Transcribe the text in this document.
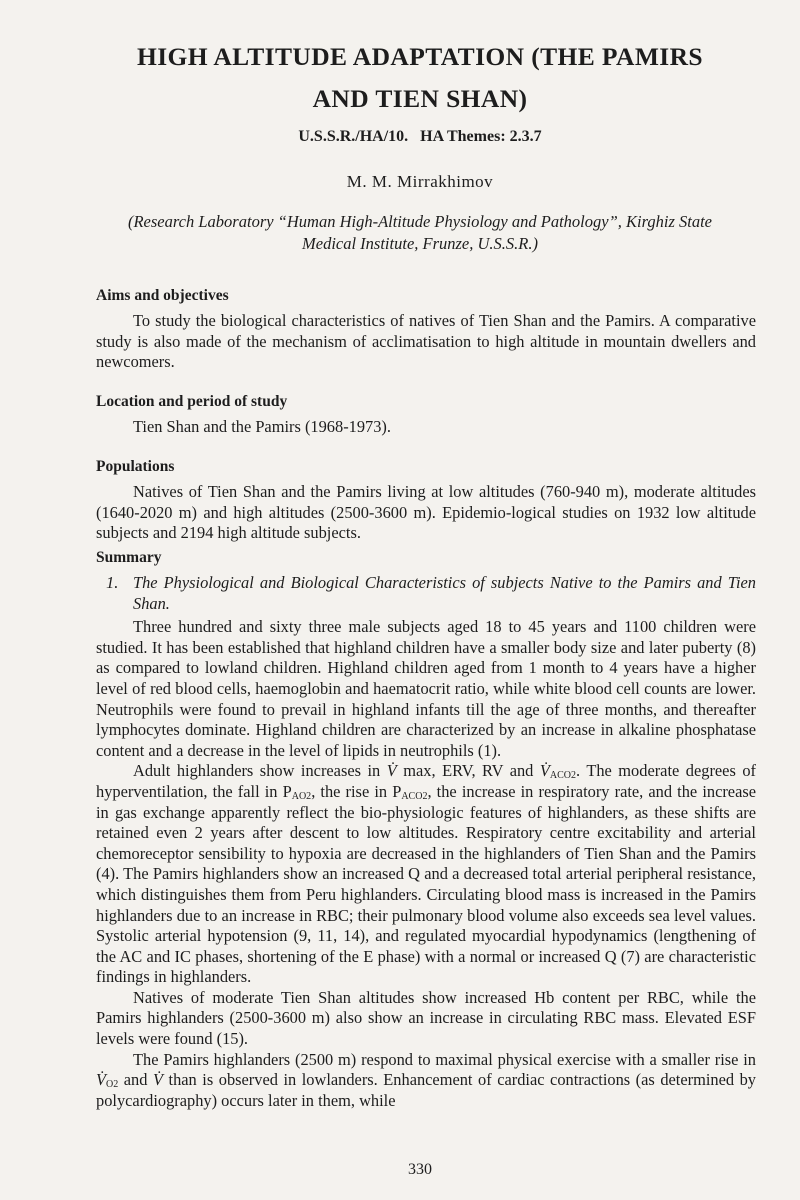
HIGH ALTITUDE ADAPTATION (THE PAMIRS
AND TIEN SHAN)

U.S.S.R./HA/10.   HA Themes: 2.3.7

M. M. Mirrakhimov

(Research Laboratory “Human High-Altitude Physiology and Pathology”, Kirghiz State Medical Institute, Frunze, U.S.S.R.)

Aims and objectives

To study the biological characteristics of natives of Tien Shan and the Pamirs. A comparative study is also made of the mechanism of acclimatisation to high altitude in mountain dwellers and newcomers.

Location and period of study

Tien Shan and the Pamirs (1968-1973).

Populations

Natives of Tien Shan and the Pamirs living at low altitudes (760-940 m), moderate altitudes (1640-2020 m) and high altitudes (2500-3600 m). Epidemio-logical studies on 1932 low altitude subjects and 2194 high altitude subjects.

Summary

1. The Physiological and Biological Characteristics of subjects Native to the Pamirs and Tien Shan.

Three hundred and sixty three male subjects aged 18 to 45 years and 1100 children were studied. It has been established that highland children have a smaller body size and later puberty (8) as compared to lowland children. Highland children aged from 1 month to 4 years have a higher level of red blood cells, haemoglobin and haematocrit ratio, while white blood cell counts are lower. Neutrophils were found to prevail in highland infants till the age of three months, and thereafter lymphocytes dominate. Highland children are characterized by an increase in alkaline phosphatase content and a decrease in the level of lipids in neutrophils (1).

Adult highlanders show increases in V̇ max, ERV, RV and $V̇_{ACO2}$. The moderate degrees of hyperventilation, the fall in $P_{AO2}$, the rise in $P_{ACO2}$, the increase in respiratory rate, and the increase in gas exchange apparently reflect the bio-physiologic features of highlanders, as these shifts are retained even 2 years after descent to low altitudes. Respiratory centre excitability and arterial chemoreceptor sensibility to hypoxia are decreased in the highlanders of Tien Shan and the Pamirs (4). The Pamirs highlanders show an increased Q and a decreased total arterial peripheral resistance, which distinguishes them from Peru highlanders. Circulating blood mass is increased in the Pamirs highlanders due to an increase in RBC; their pulmonary blood volume also exceeds sea level values. Systolic arterial hypotension (9, 11, 14), and regulated myocardial hypodynamics (lengthening of the AC and IC phases, shortening of the E phase) with a normal or increased Q (7) are characteristic findings in highlanders.

Natives of moderate Tien Shan altitudes show increased Hb content per RBC, while the Pamirs highlanders (2500-3600 m) also show an increase in circulating RBC mass. Elevated ESF levels were found (15).

The Pamirs highlanders (2500 m) respond to maximal physical exercise with a smaller rise in $V̇_{O2}$ and V̇ than is observed in lowlanders. Enhancement of cardiac contractions (as determined by polycardiography) occurs later in them, while

330
